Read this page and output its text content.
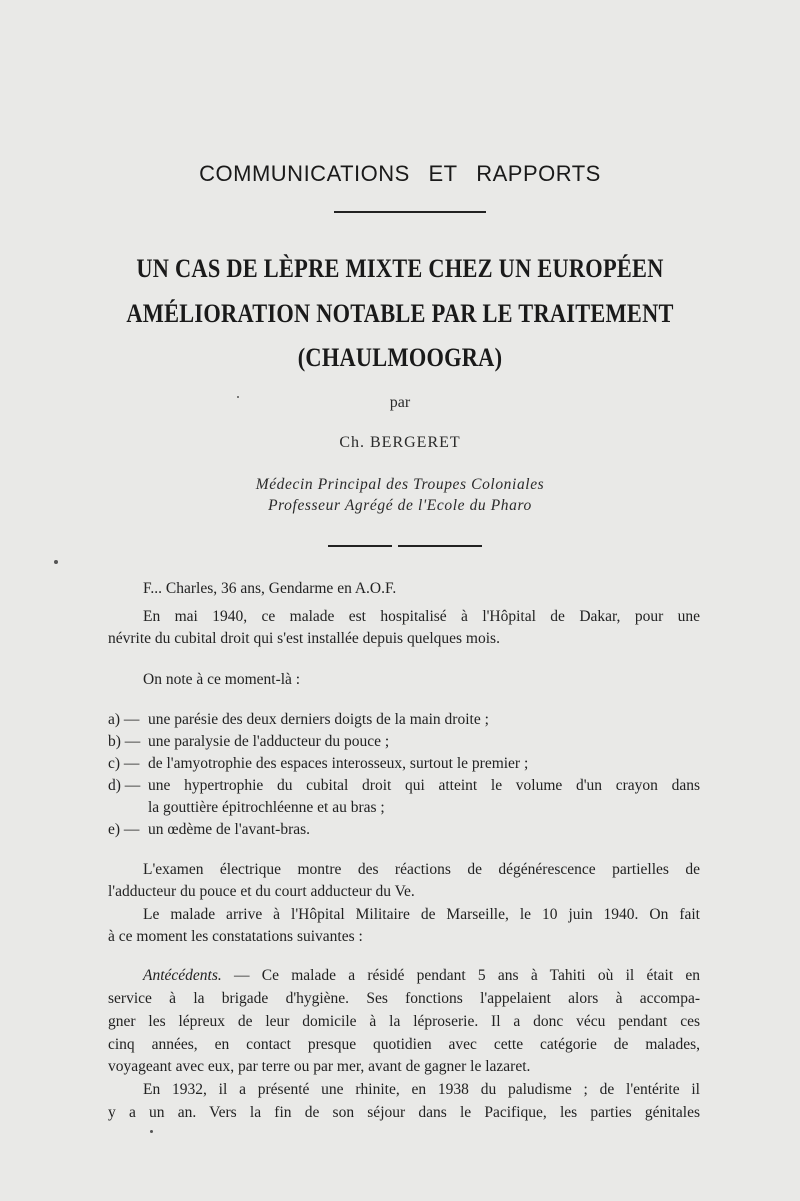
COMMUNICATIONS ET RAPPORTS
UN CAS DE LÈPRE MIXTE CHEZ UN EUROPÉEN
AMÉLIORATION NOTABLE PAR LE TRAITEMENT
(CHAULMOOGRA)
par
Ch. BERGERET
Médecin Principal des Troupes Coloniales
Professeur Agrégé de l'Ecole du Pharo
F... Charles, 36 ans, Gendarme en A.O.F.
En mai 1940, ce malade est hospitalisé à l'Hôpital de Dakar, pour une
névrite du cubital droit qui s'est installée depuis quelques mois.
On note à ce moment-là :
a) — une parésie des deux derniers doigts de la main droite ;
b) — une paralysie de l'adducteur du pouce ;
c) — de l'amyotrophie des espaces interosseux, surtout le premier ;
d) — une hypertrophie du cubital droit qui atteint le volume d'un crayon dans
la gouttière épitrochléenne et au bras ;
e) — un œdème de l'avant-bras.
L'examen électrique montre des réactions de dégénérescence partielles de
l'adducteur du pouce et du court adducteur du Ve.
Le malade arrive à l'Hôpital Militaire de Marseille, le 10 juin 1940. On fait
à ce moment les constatations suivantes :
Antécédents. — Ce malade a résidé pendant 5 ans à Tahiti où il était en
service à la brigade d'hygiène. Ses fonctions l'appelaient alors à accompa-
gner les lépreux de leur domicile à la léproserie. Il a donc vécu pendant ces
cinq années, en contact presque quotidien avec cette catégorie de malades,
voyageant avec eux, par terre ou par mer, avant de gagner le lazaret.
En 1932, il a présenté une rhinite, en 1938 du paludisme ; de l'entérite il
y a un an. Vers la fin de son séjour dans le Pacifique, les parties génitales
